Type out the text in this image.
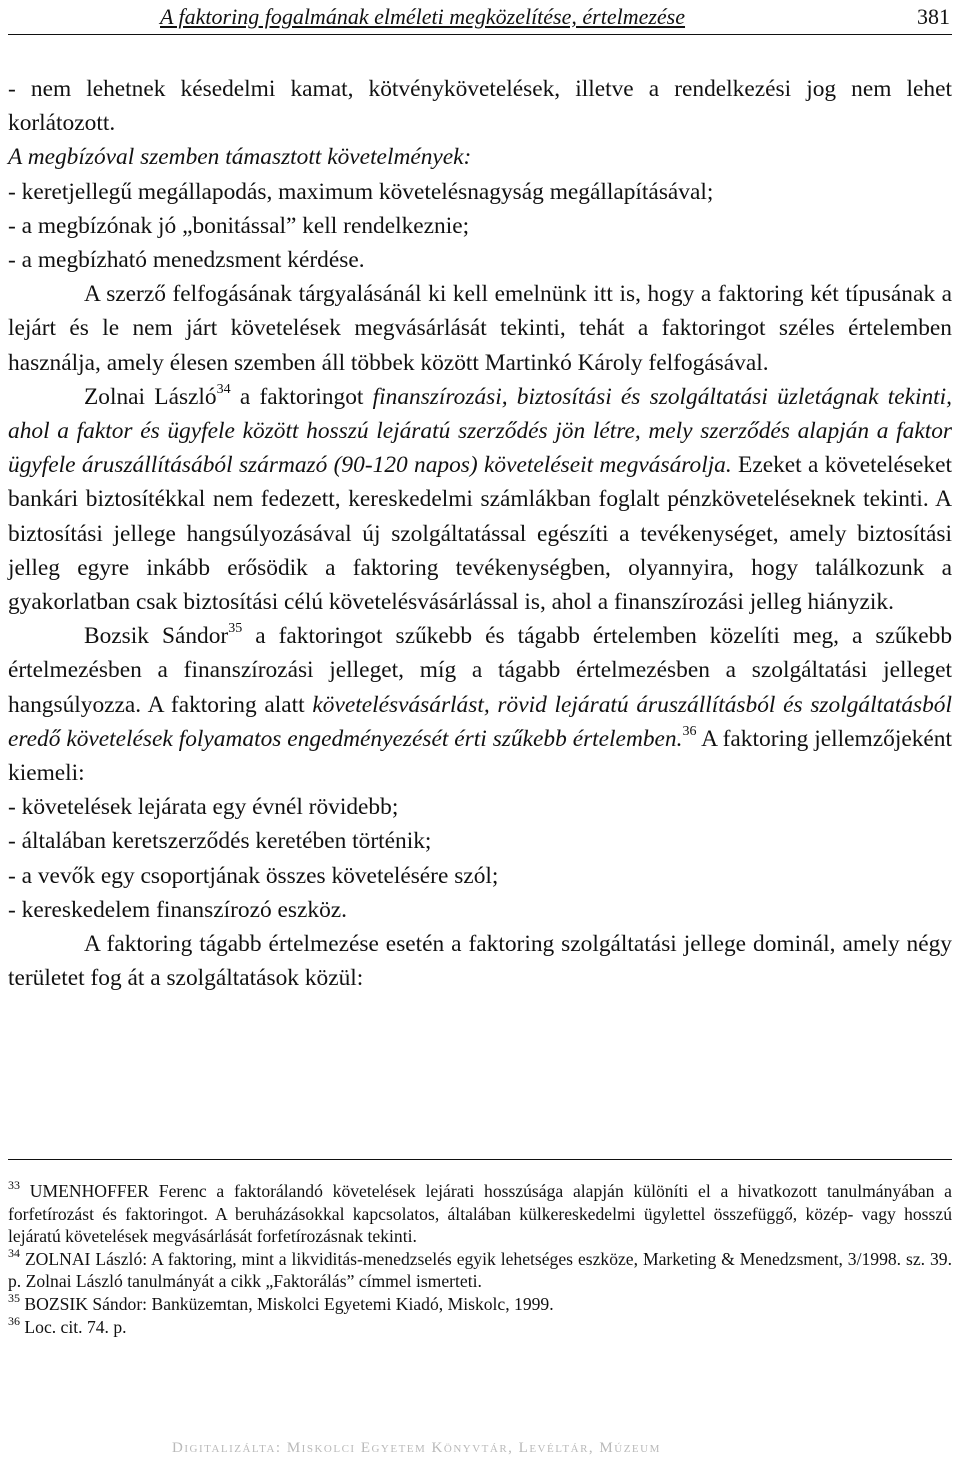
A faktoring fogalmának elméleti megközelítése, értelmezése	381

- nem lehetnek késedelmi kamat, kötvénykövetelések, illetve a rendelkezési jog nem lehet korlátozott.

A megbízóval szemben támasztott követelmények:

- keretjellegű megállapodás, maximum követelésnagyság megállapításával;

- a megbízónak jó „bonitással” kell rendelkeznie;

- a megbízható menedzsment kérdése.

A szerző felfogásának tárgyalásánál ki kell emelnünk itt is, hogy a faktoring két típusának a lejárt és le nem járt követelések megvásárlását tekinti, tehát a faktoringot széles értelemben használja, amely élesen szemben áll többek között Martinkó Károly felfogásával.

Zolnai László$^{34}$ a faktoringot finanszírozási, biztosítási és szolgáltatási üzletágnak tekinti, ahol a faktor és ügyfele között hosszú lejáratú szerződés jön létre, mely szerződés alapján a faktor ügyfele áruszállításából származó (90-120 napos) követeléseit megvásárolja. Ezeket a követeléseket bankári biztosítékkal nem fedezett, kereskedelmi számlákban foglalt pénzköveteléseknek tekinti. A biztosítási jellege hangsúlyozásával új szolgáltatással egészíti a tevékenységet, amely biztosítási jelleg egyre inkább erősödik a faktoring tevékenységben, olyannyira, hogy találkozunk a gyakorlatban csak biztosítási célú követelésvásárlással is, ahol a finanszírozási jelleg hiányzik.

Bozsik Sándor$^{35}$ a faktoringot szűkebb és tágabb értelemben közelíti meg, a szűkebb értelmezésben a finanszírozási jelleget, míg a tágabb értelmezésben a szolgáltatási jelleget hangsúlyozza. A faktoring alatt követelésvásárlást, rövid lejáratú áruszállításból és szolgáltatásból eredő követelések folyamatos engedményezését érti szűkebb értelemben.$^{36}$ A faktoring jellemzőjeként kiemeli:

- követelések lejárata egy évnél rövidebb;

- általában keretszerződés keretében történik;

- a vevők egy csoportjának összes követelésére szól;

- kereskedelem finanszírozó eszköz.

A faktoring tágabb értelmezése esetén a faktoring szolgáltatási jellege dominál, amely négy területet fog át a szolgáltatások közül:

$^{33}$ UMENHOFFER Ferenc a faktorálandó követelések lejárati hosszúsága alapján különíti el a hivatkozott tanulmányában a forfetírozást és faktoringot. A beruházásokkal kapcsolatos, általában külkereskedelmi ügylettel összefüggő, közép- vagy hosszú lejáratú követelések megvásárlását forfetírozásnak tekinti.

$^{34}$ ZOLNAI László: A faktoring, mint a likviditás-menedzselés egyik lehetséges eszköze, Marketing & Menedzsment, 3/1998. sz. 39. p. Zolnai László tanulmányát a cikk „Faktorálás” címmel ismerteti.

$^{35}$ BOZSIK Sándor: Banküzemtan, Miskolci Egyetemi Kiadó, Miskolc, 1999.

$^{36}$ Loc. cit. 74. p.

Digitalizálta: Miskolci Egyetem Könyvtár, Levéltár, Múzeum
